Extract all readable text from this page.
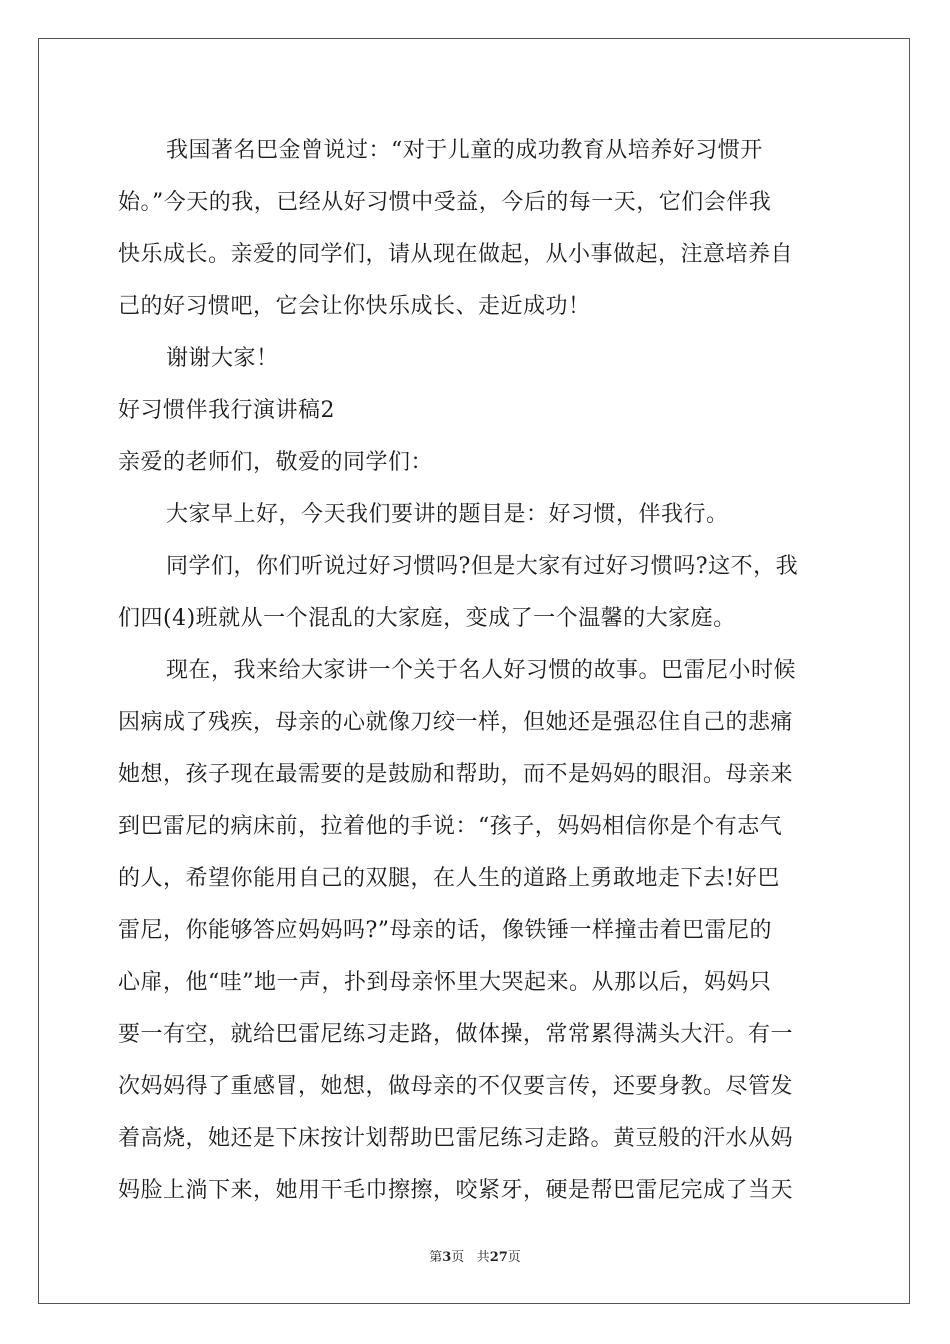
我国著名巴金曾说过：“对于儿童的成功教育从培养好习惯开
始。”今天的我，已经从好习惯中受益，今后的每一天，它们会伴我
快乐成长。亲爱的同学们，请从现在做起，从小事做起，注意培养自
己的好习惯吧，它会让你快乐成长、走近成功！
谢谢大家！
好习惯伴我行演讲稿2
亲爱的老师们，敬爱的同学们：
大家早上好，今天我们要讲的题目是：好习惯，伴我行。
同学们，你们听说过好习惯吗?但是大家有过好习惯吗?这不，我
们四(4)班就从一个混乱的大家庭，变成了一个温馨的大家庭。
现在，我来给大家讲一个关于名人好习惯的故事。巴雷尼小时候
因病成了残疾，母亲的心就像刀绞一样，但她还是强忍住自己的悲痛
她想，孩子现在最需要的是鼓励和帮助，而不是妈妈的眼泪。母亲来
到巴雷尼的病床前，拉着他的手说：“孩子，妈妈相信你是个有志气
的人，希望你能用自己的双腿，在人生的道路上勇敢地走下去!好巴
雷尼，你能够答应妈妈吗?”母亲的话，像铁锤一样撞击着巴雷尼的
心扉，他“哇”地一声，扑到母亲怀里大哭起来。从那以后，妈妈只
要一有空，就给巴雷尼练习走路，做体操，常常累得满头大汗。有一
次妈妈得了重感冒，她想，做母亲的不仅要言传，还要身教。尽管发
着高烧，她还是下床按计划帮助巴雷尼练习走路。黄豆般的汗水从妈
妈脸上淌下来，她用干毛巾擦擦，咬紧牙，硬是帮巴雷尼完成了当天
第3页 共27页
